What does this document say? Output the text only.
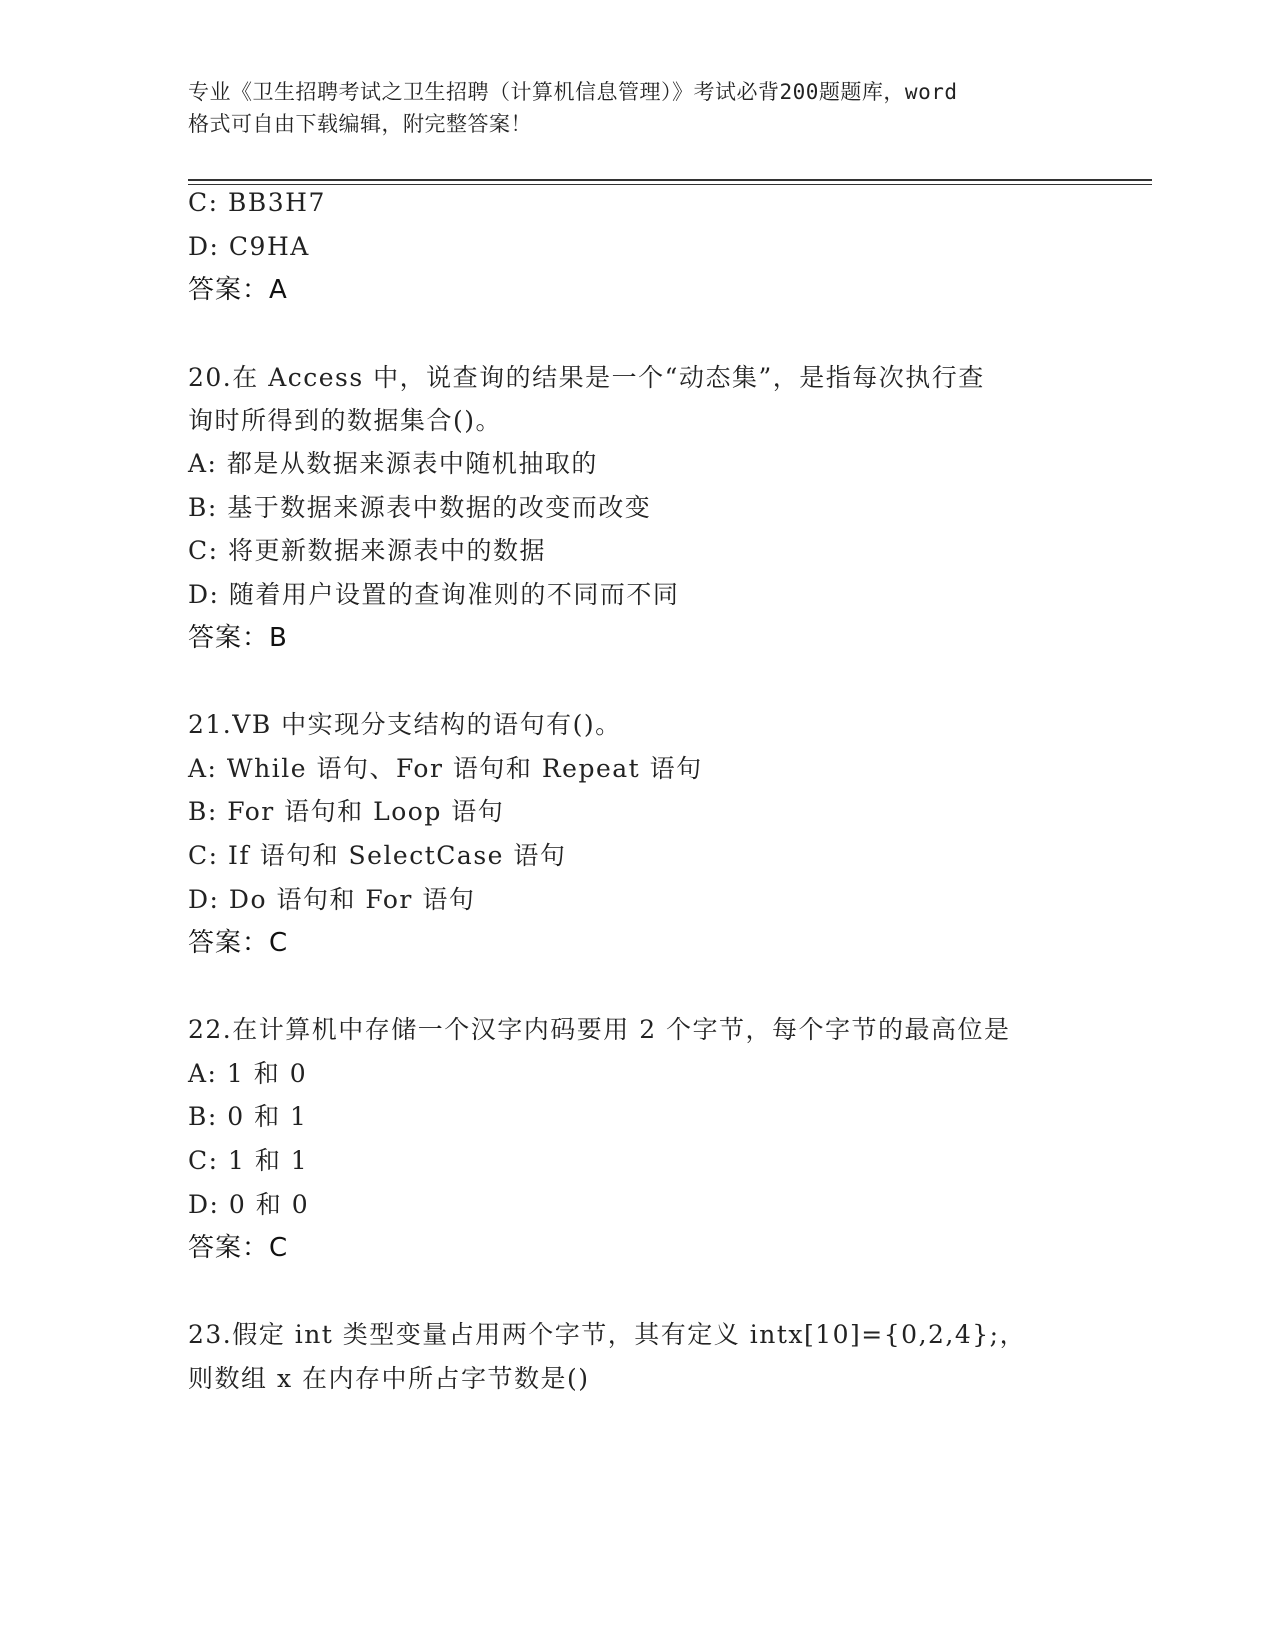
专业《卫生招聘考试之卫生招聘（计算机信息管理）》考试必背200题题库，word
格式可自由下载编辑，附完整答案！
C: BB3H7
D: C9HA
答案：A
20.在 Access 中，说查询的结果是一个“动态集”，是指每次执行查
询时所得到的数据集合()。
A: 都是从数据来源表中随机抽取的
B: 基于数据来源表中数据的改变而改变
C: 将更新数据来源表中的数据
D: 随着用户设置的查询准则的不同而不同
答案：B
21.VB 中实现分支结构的语句有()。
A: While 语句、For 语句和 Repeat 语句
B: For 语句和 Loop 语句
C: If 语句和 SelectCase 语句
D: Do 语句和 For 语句
答案：C
22.在计算机中存储一个汉字内码要用 2 个字节，每个字节的最高位是
A: 1 和 0
B: 0 和 1
C: 1 和 1
D: 0 和 0
答案：C
23.假定 int 类型变量占用两个字节，其有定义 intx[10]={0,2,4};，
则数组 x 在内存中所占字节数是()
